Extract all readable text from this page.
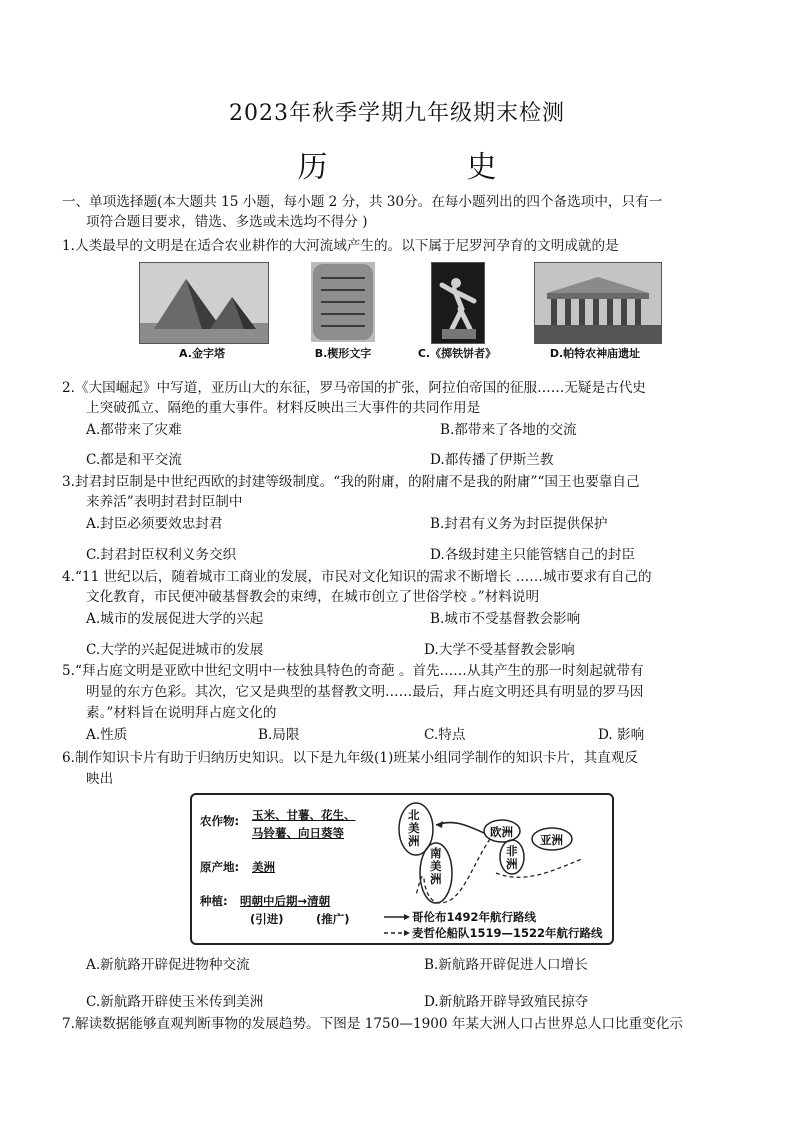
2023年秋季学期九年级期末检测
历	史
一、单项选择题(本大题共 15 小题，每小题 2 分，共 30分。在每小题列出的四个备选项中，只有一
项符合题目要求，错选、多选或未选均不得分 )
1.人类最早的文明是在适合农业耕作的大河流域产生的。以下属于尼罗河孕育的文明成就的是
A.金字塔	B.楔形文字	C.《掷铁饼者》	D.帕特农神庙遗址
2.《大国崛起》中写道，亚历山大的东征，罗马帝国的扩张，阿拉伯帝国的征服……无疑是古代史
上突破孤立、隔绝的重大事件。材料反映出三大事件的共同作用是
A.都带来了灾难	B.都带来了各地的交流
C.都是和平交流	D.都传播了伊斯兰教
3.封君封臣制是中世纪西欧的封建等级制度。“我的附庸，的附庸不是我的附庸”“国王也要靠自己
来养活”表明封君封臣制中
A.封臣必须要效忠封君	B.封君有义务为封臣提供保护
C.封君封臣权利义务交织	D.各级封建主只能管辖自己的封臣
4.“11 世纪以后，随着城市工商业的发展，市民对文化知识的需求不断增长 ……城市要求有自己的
文化教育，市民便冲破基督教会的束缚，在城市创立了世俗学校 。”材料说明
A.城市的发展促进大学的兴起	B.城市不受基督教会影响
C.大学的兴起促进城市的发展	D.大学不受基督教会影响
5.“拜占庭文明是亚欧中世纪文明中一枝独具特色的奇葩 。首先……从其产生的那一时刻起就带有
明显的东方色彩。其次，它又是典型的基督教文明……最后，拜占庭文明还具有明显的罗马因
素。”材料旨在说明拜占庭文化的
A.性质	B.局限	C.特点	D. 影响
6.制作知识卡片有助于归纳历史知识。以下是九年级(1)班某小组同学制作的知识卡片，其直观反
映出
农作物: 玉米、甘薯、花生、
马铃薯、向日葵等
原产地: 美洲
种植: 明朝中后期→清朝
(引进)	(推广)
北美洲
南美洲
欧洲
非洲
亚洲
哥伦布1492年航行路线
麦哲伦船队1519—1522年航行路线
A.新航路开辟促进物种交流	B.新航路开辟促进人口增长
C.新航路开辟使玉米传到美洲	D.新航路开辟导致殖民掠夺
7.解读数据能够直观判断事物的发展趋势。下图是 1750—1900 年某大洲人口占世界总人口比重变化示
